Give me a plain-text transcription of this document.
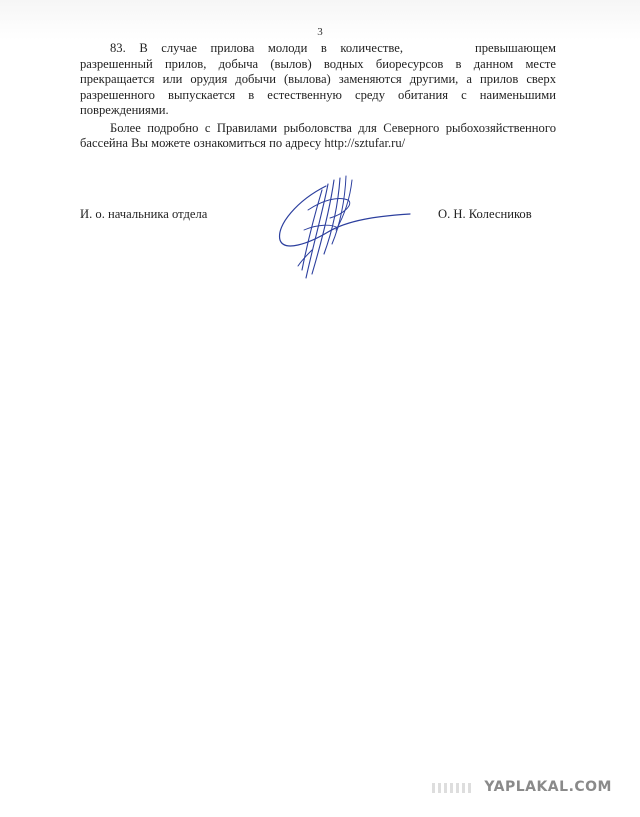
3

83. В случае прилова молоди в количестве,	превышающем разрешенный прилов, добыча (вылов) водных биоресурсов в данном месте прекращается или орудия добычи (вылова) заменяются другими, а прилов сверх разрешенного выпускается в естественную среду обитания с наименьшими повреждениями.

Более подробно с Правилами рыболовства для Северного рыбохозяйственного бассейна Вы можете ознакомиться по адресу http://sztufar.ru/

И. о. начальника отдела	О. Н. Колесников
YAPLAKAL.COM
